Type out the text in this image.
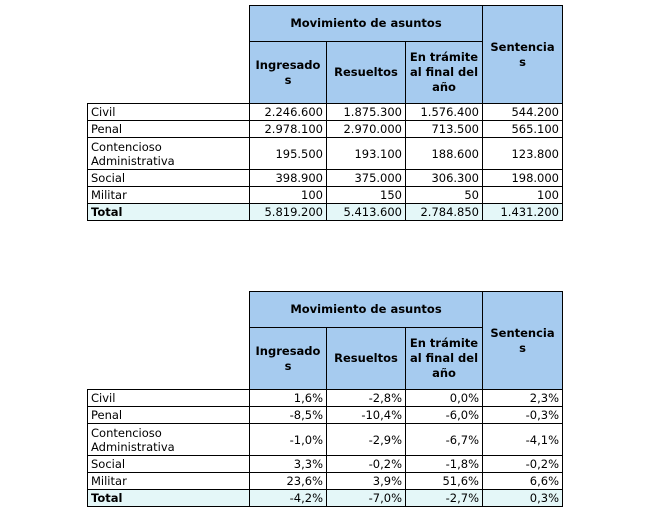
	Movimiento de asuntos			Sentencia s
	Ingresado s	Resueltos	En trámite al final del año	
Civil	2.246.600	1.875.300	1.576.400	544.200
Penal	2.978.100	2.970.000	713.500	565.100
Contencioso Administrativa	195.500	193.100	188.600	123.800
Social	398.900	375.000	306.300	198.000
Militar	100	150	50	100
Total	5.819.200	5.413.600	2.784.850	1.431.200
	Movimiento de asuntos			Sentencia s
	Ingresado s	Resueltos	En trámite al final del año	
Civil	1,6%	-2,8%	0,0%	2,3%
Penal	-8,5%	-10,4%	-6,0%	-0,3%
Contencioso Administrativa	-1,0%	-2,9%	-6,7%	-4,1%
Social	3,3%	-0,2%	-1,8%	-0,2%
Militar	23,6%	3,9%	51,6%	6,6%
Total	-4,2%	-7,0%	-2,7%	0,3%
